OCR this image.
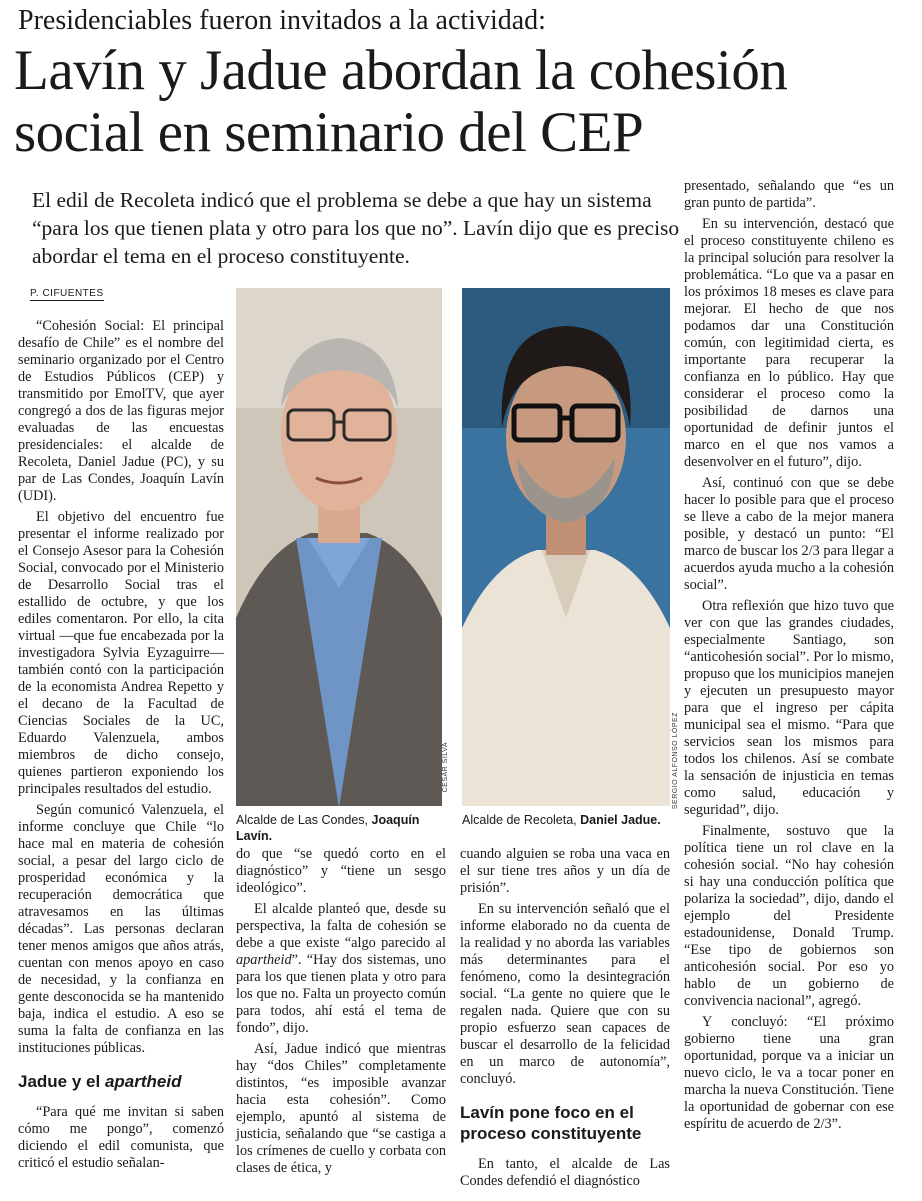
Presidenciables fueron invitados a la actividad:
Lavín y Jadue abordan la cohesión
social en seminario del CEP
El edil de Recoleta indicó que el problema se debe a que hay un sistema “para los que tienen plata y otro para los que no”. Lavín dijo que es preciso abordar el tema en el proceso constituyente.
P. CIFUENTES

“Cohesión Social: El principal desafío de Chile” es el nombre del seminario organizado por el Centro de Estudios Públicos (CEP) y transmitido por EmolTV, que ayer congregó a dos de las figuras mejor evaluadas de las encuestas presidenciales: el alcalde de Recoleta, Daniel Jadue (PC), y su par de Las Condes, Joaquín Lavín (UDI).

El objetivo del encuentro fue presentar el informe realizado por el Consejo Asesor para la Cohesión Social, convocado por el Ministerio de Desarrollo Social tras el estallido de octubre, y que los ediles comentaron. Por ello, la cita virtual —que fue encabezada por la investigadora Sylvia Eyzaguirre— también contó con la participación de la economista Andrea Repetto y el decano de la Facultad de Ciencias Sociales de la UC, Eduardo Valenzuela, ambos miembros de dicho consejo, quienes partieron exponiendo los principales resultados del estudio.

Según comunicó Valenzuela, el informe concluye que Chile “lo hace mal en materia de cohesión social, a pesar del largo ciclo de prosperidad económica y la recuperación democrática que atravesamos en las últimas décadas”. Las personas declaran tener menos amigos que años atrás, cuentan con menos apoyo en caso de necesidad, y la confianza en gente desconocida se ha mantenido baja, indica el estudio. A eso se suma la falta de confianza en las instituciones públicas.

Jadue y el apartheid

“Para qué me invitan si saben cómo me pongo”, comenzó diciendo el edil comunista, que criticó el estudio señalan-

CÉSAR SILVA
Alcalde de Las Condes, Joaquín Lavín.
SERGIO ALFONSO LÓPEZ
Alcalde de Recoleta, Daniel Jadue.

do que “se quedó corto en el diagnóstico” y “tiene un sesgo ideológico”.

El alcalde planteó que, desde su perspectiva, la falta de cohesión se debe a que existe “algo parecido al apartheid”. “Hay dos sistemas, uno para los que tienen plata y otro para los que no. Falta un proyecto común para todos, ahí está el tema de fondo”, dijo.

Así, Jadue indicó que mientras hay “dos Chiles” completamente distintos, “es imposible avanzar hacia esta cohesión”. Como ejemplo, apuntó al sistema de justicia, señalando que “se castiga a los crímenes de cuello y corbata con clases de ética, y

cuando alguien se roba una vaca en el sur tiene tres años y un día de prisión”.

En su intervención señaló que el informe elaborado no da cuenta de la realidad y no aborda las variables más determinantes para el fenómeno, como la desintegración social. “La gente no quiere que le regalen nada. Quiere que con su propio esfuerzo sean capaces de buscar el desarrollo de la felicidad en un marco de autonomía”, concluyó.

Lavín pone foco en el proceso constituyente

En tanto, el alcalde de Las Condes defendió el diagnóstico

presentado, señalando que “es un gran punto de partida”.

En su intervención, destacó que el proceso constituyente chileno es la principal solución para resolver la problemática. “Lo que va a pasar en los próximos 18 meses es clave para mejorar. El hecho de que nos podamos dar una Constitución común, con legitimidad cierta, es importante para recuperar la confianza en lo público. Hay que considerar el proceso como la posibilidad de darnos una oportunidad de definir juntos el marco en el que nos vamos a desenvolver en el futuro”, dijo.

Así, continuó con que se debe hacer lo posible para que el proceso se lleve a cabo de la mejor manera posible, y destacó un punto: “El marco de buscar los 2/3 para llegar a acuerdos ayuda mucho a la cohesión social”.

Otra reflexión que hizo tuvo que ver con que las grandes ciudades, especialmente Santiago, son “anticohesión social”. Por lo mismo, propuso que los municipios manejen y ejecuten un presupuesto mayor para que el ingreso per cápita municipal sea el mismo. “Para que servicios sean los mismos para todos los chilenos. Así se combate la sensación de injusticia en temas como salud, educación y seguridad”, dijo.

Finalmente, sostuvo que la política tiene un rol clave en la cohesión social. “No hay cohesión si hay una conducción política que polariza la sociedad”, dijo, dando el ejemplo del Presidente estadounidense, Donald Trump. “Ese tipo de gobiernos son anticohesión social. Por eso yo hablo de un gobierno de convivencia nacional”, agregó.

Y concluyó: “El próximo gobierno tiene una gran oportunidad, porque va a iniciar un nuevo ciclo, le va a tocar poner en marcha la nueva Constitución. Tiene la oportunidad de gobernar con ese espíritu de acuerdo de 2/3”.
